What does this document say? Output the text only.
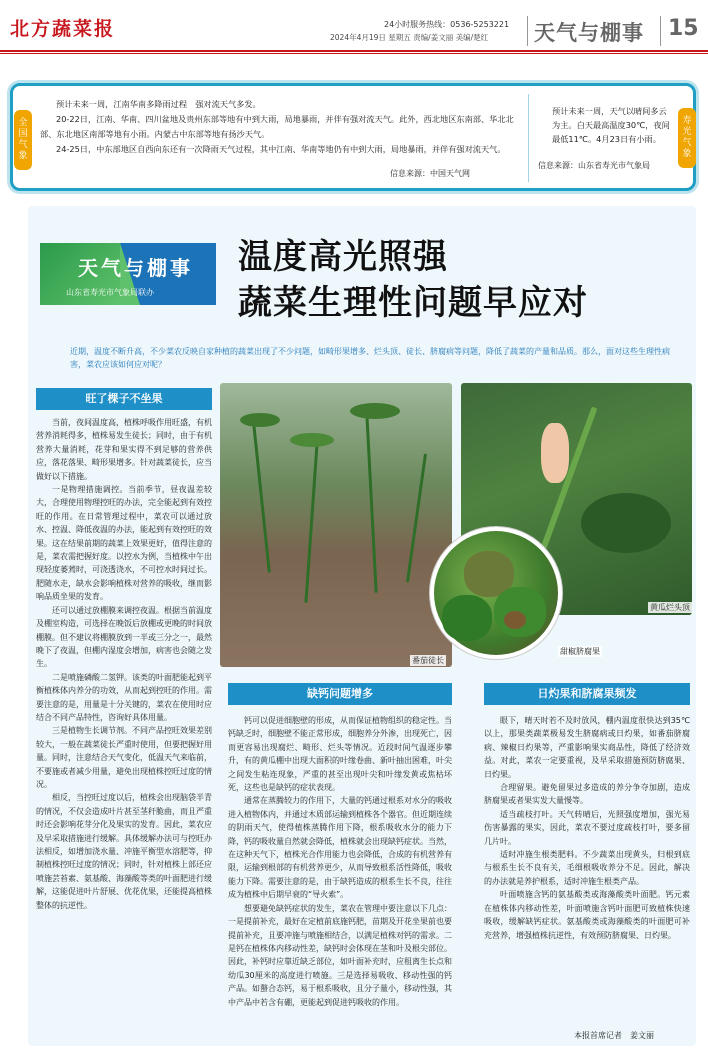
北方蔬菜报	24小时服务热线：0536-5253221
2024年4月19日 星期五 责编/姜文丽 美编/楚红 天气与棚事 15
全国气象

预计未来一周，江南华南多降雨过程　强对流天气多发。

20-22日，江南、华南、四川盆地及贵州东部等地有中到大雨，局地暴雨，并伴有强对流天气。此外，西北地区东南部、华北北部、东北地区南部等地有小雨。内蒙古中东部等地有扬沙天气。

24-25日，中东部地区自西向东还有一次降雨天气过程，其中江南、华南等地仍有中到大雨，局地暴雨，并伴有强对流天气。

信息来源：中国天气网
预计未来一周，天气以晴间多云为主。白天最高温度30℃，夜间最低11℃。4月23日有小雨。
信息来源：山东省寿光市气象局
寿光气象
天气与棚事
山东省寿光市气象局联办
温度高光照强
蔬菜生理性问题早应对
近期，温度不断升高，不少菜农反映自家种植的蔬菜出现了不少问题，如畸形果增多、烂头顶、徒长、脐腐病等问题，降低了蔬菜的产量和品质。那么，面对这些生理性病害，菜农应该如何应对呢？
旺了棵子不坐果

当前，夜间温度高，植株呼吸作用旺盛，有机营养消耗得多，植株易发生徒长；同时，由于有机营养大量消耗，花芽和果实得不到足够的营养供应，落花落果、畸形果增多。针对蔬菜徒长，应当做好以下措施。

一是物理措施调控。当前季节，昼夜温差较大，合理使用物理控旺的办法，完全能起到有效控旺的作用。在日常管理过程中，菜农可以通过放水、控温、降低夜温的办法，能起到有效控旺的效果。这在结果前期的蔬菜上效果更好，值得注意的是，菜农需把握好度。以控水为例，当植株中午出现轻度萎蔫时，可浇透浇水，不可控水时间过长。肥随水走，缺水会影响植株对营养的吸收，继而影响品质坐果的发育。

还可以通过放棚膜来调控夜温。根据当前温度及棚室构造，可选择在晚饭后放棚或更晚的时间放棚膜。但不建议将棚膜放到一半或三分之一，最然晚下了夜温，但棚内湿度会增加，病害也会随之发生。

二是喷施磷酸二氢钾。该类的叶面肥能起到平衡植株体内养分的功效，从而起到控旺的作用。需要注意的是，用量是十分关键的，菜农在使用时应结合不同产品特性，咨询好具体用量。

三是植物生长调节剂。不同产品控旺效果差别较大，一般在蔬菜徒长严重时使用，但要把握好用量。同时，注意结合天气变化，低温天气来临前，不要施或者减少用量，避免出现植株控旺过度的情况。

相反，当控旺过度以后，植株会出现脑袋半青的情况，不仅会造成叶片甚至茎秆脆曲，而且严重时还会影响花芽分化及果实的发育。因此，菜农应及早采取措施进行缓解。具体缓解办法可与控旺办法相反，如增加浇水量、冲施平衡型水溶肥等，抑制植株控旺过度的情况；同时，针对植株上部还应喷施芸苔素、氨基酸、海藻酸等类的叶面肥进行缓解，这能促进叶片舒展、优花优果，还能提高植株整体的抗逆性。

番茄徒长
黄瓜烂头顶
甜椒脐腐果
缺钙问题增多

钙可以促进细胞壁的形成，从而保证植物组织的稳定性。当钙缺乏时，细胞壁不能正常形成，细胞养分外渗，出现死亡，因而更容易出现腐烂、畸形、烂头等情况。近段时间气温逐步攀升，有的黄瓜棚中出现大面积的叶缘卷曲、新叶抽出困难，叶尖之间发生粘连现象，严重的甚至出现叶尖和叶缘发黄或焦枯坏死，这些也是缺钙的症状表现。

通常在蒸腾较力的作用下，大量的钙通过根系对水分的吸收进入植物体内，并通过木质部运输到植株各个器官。但近期连续的阴雨天气，使得植株蒸腾作用下降，根系吸收水分的能力下降，钙的吸收量自然就会降低，植株就会出现缺钙症状。当然，在这种天气下，植株光合作用能力也会降低，合成的有机营养有限，运输到根部的有机营养更少，从而导致根系活性降低，吸收能力下降。需要注意的是，由于缺钙造成的根系生长不良，往往成为植株中后期早衰的“导火索”。

想要避免缺钙症状的发生，菜农在管理中要注意以下几点：一是提前补充，最好在定植前底施钙肥，苗期及开花坐果前也要提前补充，且要冲施与喷施相结合，以满足植株对钙的需求。二是钙在植株体内移动性差，缺钙时会体现在茎和叶及根尖部位。因此，补钙时应靠近缺乏部位，如叶面补充时，应租离生长点和幼瓜30厘米的高度进行喷施。三是选择易吸收、移动性强的钙产品。如螯合态钙，易于根系吸收，且分子量小，移动性强，其中产品中若含有硼，更能起到促进钙吸收的作用。

日灼果和脐腐果频发

眼下，晴天时若不及时放风，棚内温度很快达到35℃以上，那果类蔬菜极易发生脐腐病或日灼果，如番茄脐腐病、辣椒日灼果等，严重影响果实商品性，降低了经济效益。对此，菜农一定要重视，及早采取措施预防脐腐果、日灼果。

合理留果。避免留果过多造成的养分争夺加剧，造成脐腐果或者果实发大量慢等。

适当疏枝打叶。天气转晴后，光照强度增加，强光易伤害暴露的果实，因此，菜农不要过度疏枝打叶，要多留几片叶。

适时冲施生根类肥料。不少蔬菜出现黄头，归根到底与根系生长不良有关，毛细根吸收养分不足。因此，解决的办法就是养护根系，适时冲施生根类产品。

叶面喷施含钙的氨基酸类或海藻酸类叶面肥。钙元素在植株体内移动性差，叶面喷施含钙叶面肥可致植株快速吸收，缓解缺钙症状。氨基酸类或海藻酸类的叶面肥可补充营养，增强植株抗逆性，有效预防脐腐果、日灼果。

本报首席记者　姜文丽
